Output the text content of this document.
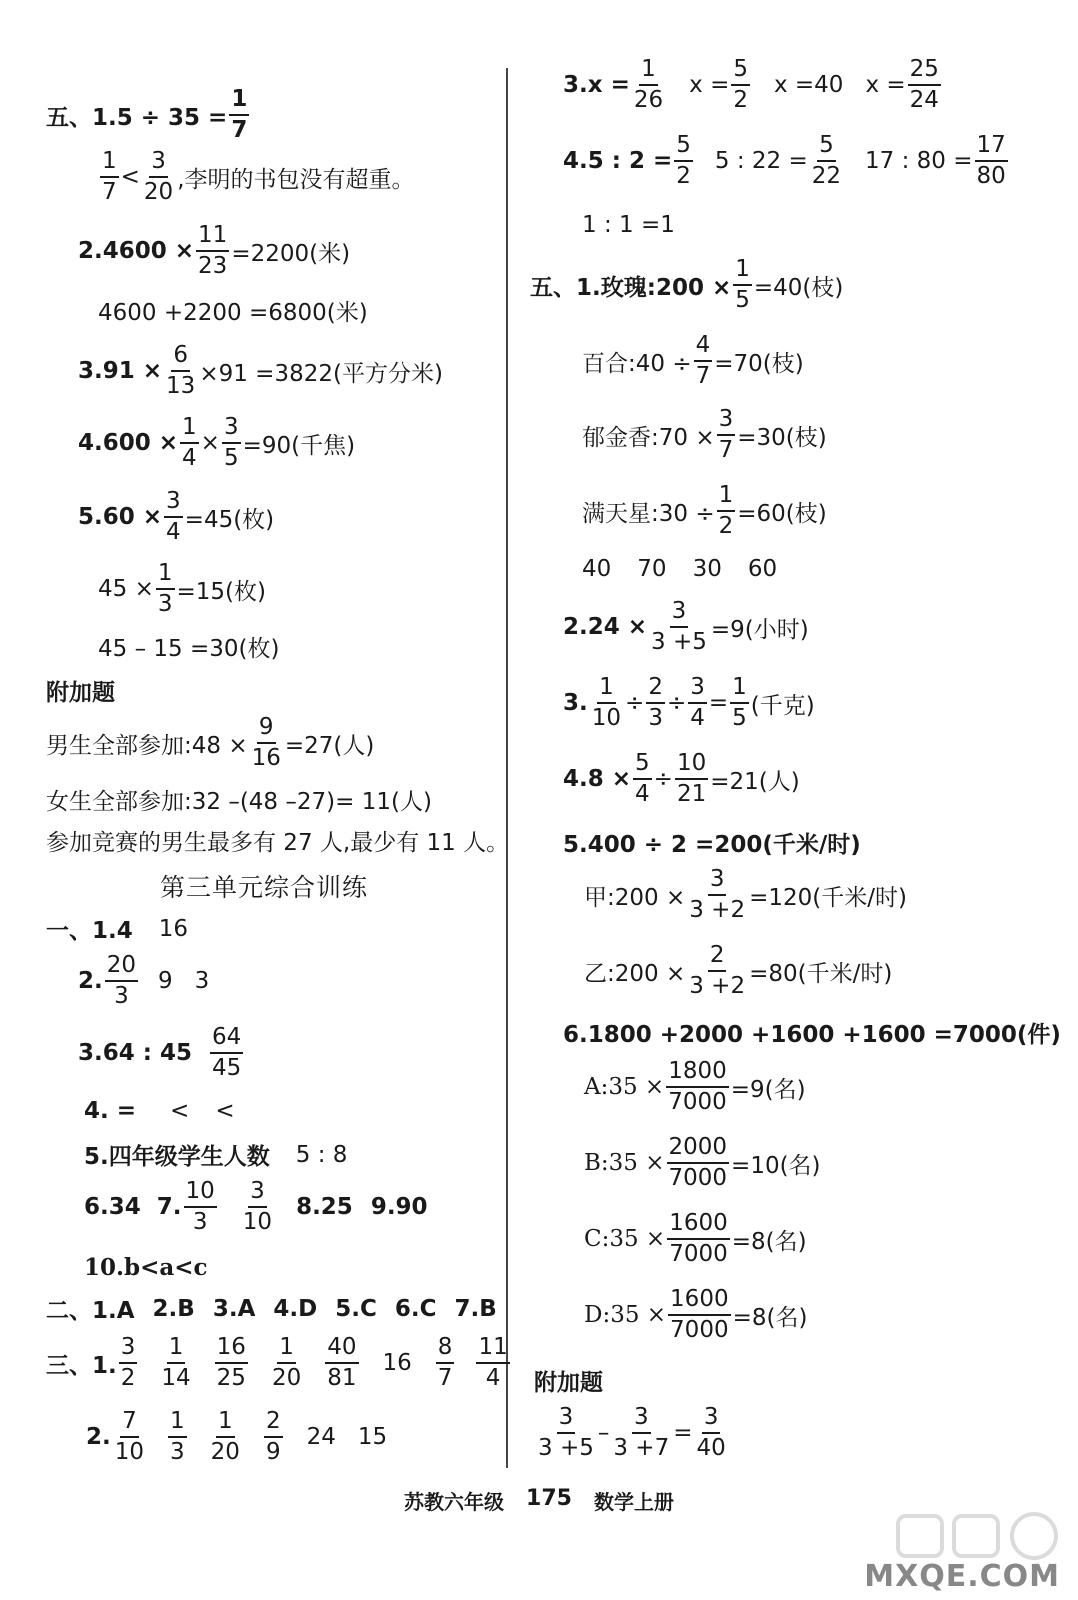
五、$1.5 \div 35 = \frac{1}{7}$
$\frac{1}{7} < \frac{3}{20}$ ,李明的书包没有超重。
$2.4600 \times \frac{11}{23} =2200$(米)
4600 +2200 =6800(米)
$3.91 \times \frac{6}{13} \times 91 =3822$(平方分米)
$4.600 \times \frac{1}{4} \times \frac{3}{5} =90$(千焦)
$5.60 \times \frac{3}{4} =45$(枚)
$45 \times \frac{1}{3} =15$(枚)
45 – 15 =30(枚)
附加题
男生全部参加:48 × $\frac{9}{16} =27$(人)
女生全部参加:32 –(48 –27)= 11(人)
参加竞赛的男生最多有 27 人,最少有 11 人。
第三单元综合训练
一、1.4 16
2. $\frac{20}{3} 9$ 3
3.64 : $45 \frac{64}{45}$
4. = < <
5.四年级学生人数 5 : 8
6.34 7. $\frac{10}{3} \frac{3}{10} 8.25$ 9.90
10.b<a<c
二、1.A 2.B 3.A 4.D 5.C 6.C 7.B
三、1. $\frac{3}{2} \frac{1}{14} \frac{16}{25} \frac{1}{20} \frac{40}{81} 16 \frac{8}{7} \frac{11}{4}$
2. $\frac{7}{10} \frac{1}{3} \frac{1}{20} \frac{2}{9} 24$ 15
$3.x = \frac{1}{26}$ $x = \frac{5}{2}$ x =40 $x = \frac{25}{24}$
4.5 : $2 = \frac{5}{2} 5$ : $22 = \frac{5}{22} 17$ : $80 = \frac{17}{80}$
1 : 1 =1
五、1.玫瑰:200 × $\frac{1}{5} =40$(枝)
百合:40 ÷ $\frac{4}{7} =70$(枝)
郁金香:70 × $\frac{3}{7} =30$(枝)
满天星:30 ÷ $\frac{1}{2} =60$(枝)
40 70 30 60
$2.24 \times \frac{3}{3 +5} =9$(小时)
3. $\frac{1}{10} \div \frac{2}{3} \div \frac{3}{4} = \frac{1}{5}$ (千克)
$4.8 \times \frac{5}{4} \div \frac{10}{21} =21$(人)
5.400 ÷ 2 =200(千米/时)
甲:200 × $\frac{3}{3 +2} =120$(千米/时)
乙:200 × $\frac{2}{3 +2} =80$(千米/时)
6.1800 +2000 +1600 +1600 =7000(件)
A:35 × $\frac{1800}{7000} =9$(名)
B:35 × $\frac{2000}{7000} =10$(名)
C:35 × $\frac{1600}{7000} =8$(名)
D:35 × $\frac{1600}{7000} =8$(名)
附加题
$\frac{3}{3 +5} - \frac{3}{3 +7} = \frac{3}{40}$
苏教六年级 175 数学上册
MXQE.COM
